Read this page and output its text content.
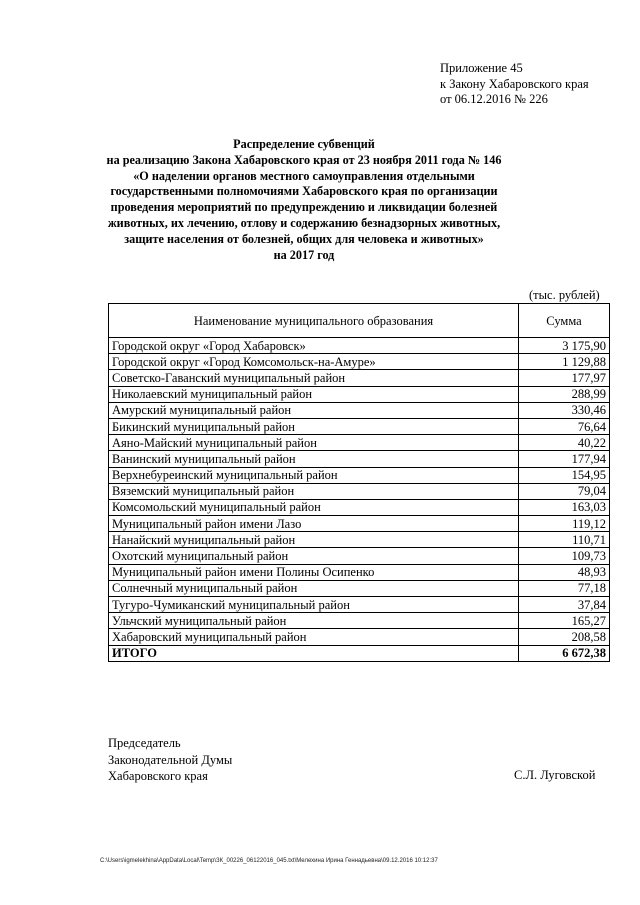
Приложение 45
к Закону Хабаровского края
от 06.12.2016 № 226
Распределение субвенций
на реализацию Закона Хабаровского края от 23 ноября 2011 года № 146
«О наделении органов местного самоуправления отдельными
государственными полномочиями Хабаровского края по организации
проведения мероприятий по предупреждению и ликвидации болезней
животных, их лечению, отлову и содержанию безнадзорных животных,
защите населения от болезней, общих для человека и животных»
на 2017 год
(тыс. рублей)
Наименование муниципального образования	Сумма
Городской округ «Город Хабаровск»	3 175,90
Городской округ «Город Комсомольск-на-Амуре»	1 129,88
Советско-Гаванский муниципальный район	177,97
Николаевский муниципальный район	288,99
Амурский муниципальный район	330,46
Бикинский муниципальный район	76,64
Аяно-Майский муниципальный район	40,22
Ванинский муниципальный район	177,94
Верхнебуреинский муниципальный район	154,95
Вяземский муниципальный район	79,04
Комсомольский муниципальный район	163,03
Муниципальный район имени Лазо	119,12
Нанайский муниципальный район	110,71
Охотский муниципальный район	109,73
Муниципальный район имени Полины Осипенко	48,93
Солнечный муниципальный район	77,18
Тугуро-Чумиканский муниципальный район	37,84
Ульчский муниципальный район	165,27
Хабаровский муниципальный район	208,58
ИТОГО	6 672,38
Председатель
Законодательной Думы
Хабаровского края	С.Л. Луговской
C:\Users\igmelekhina\AppData\Local\Temp\ЗК_00226_06122016_045.txt\Мелехина Ирина Геннадьевна\09.12.2016 10:12:37
